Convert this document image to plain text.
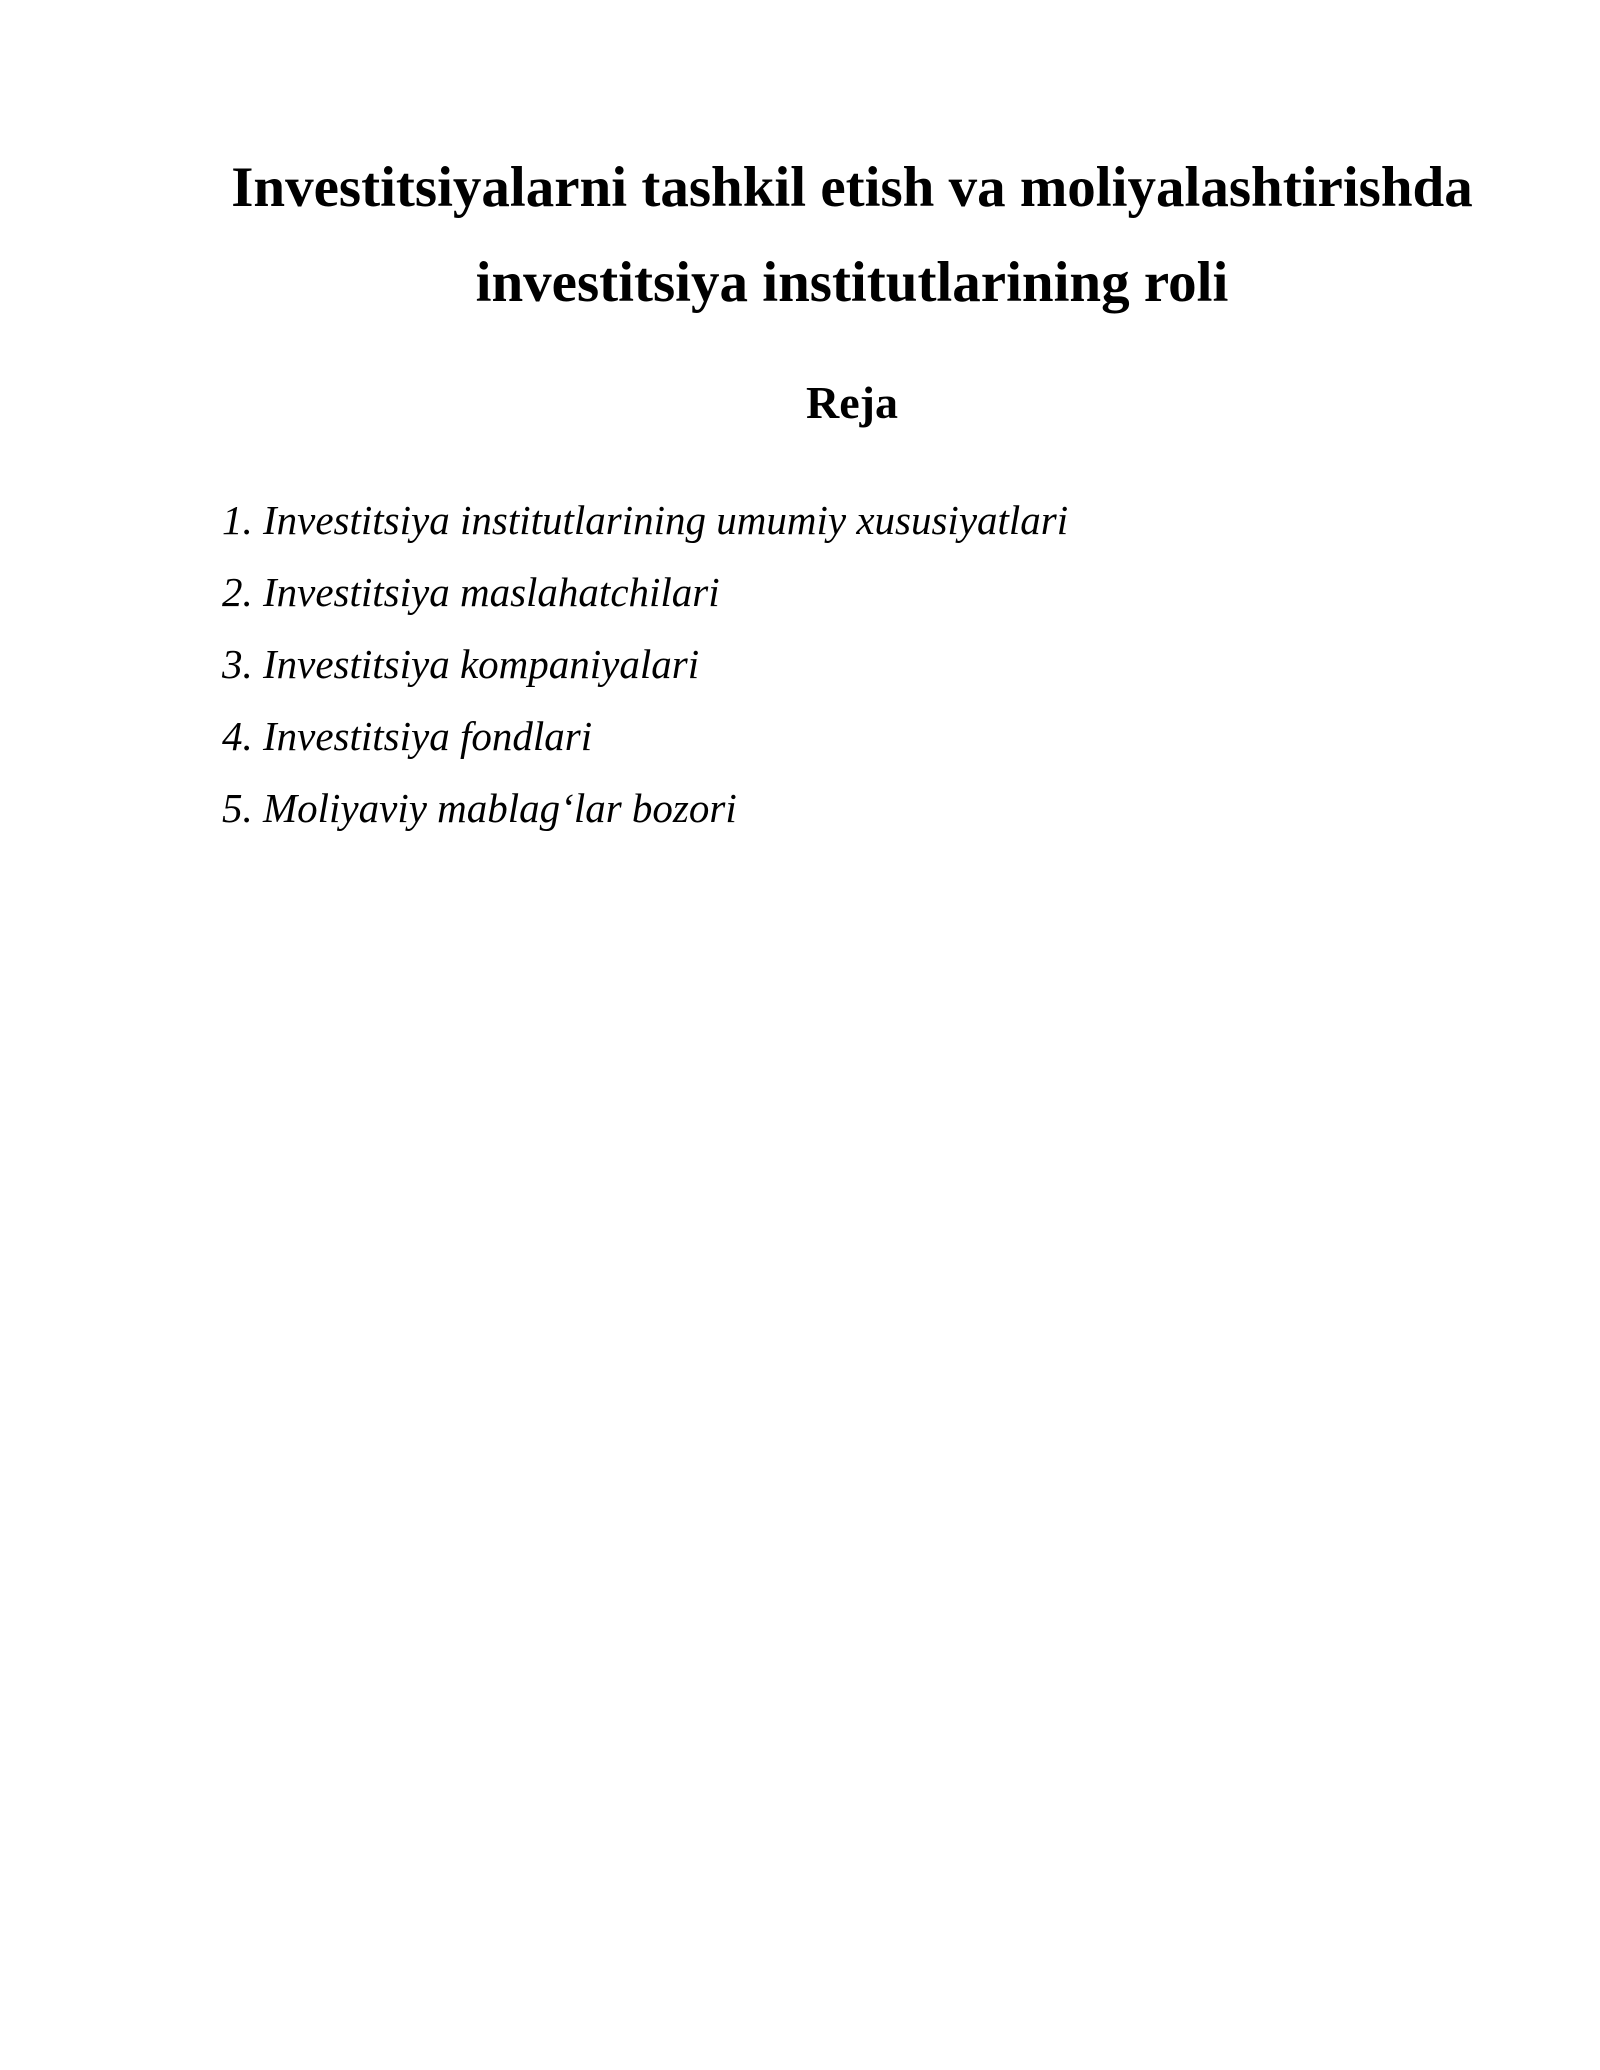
Investitsiyalarni tashkil etish va moliyalashtirishda investitsiya institutlarining roli
Reja
1. Investitsiya institutlarining umumiy xususiyatlari
2. Investitsiya maslahatchilari
3. Investitsiya kompaniyalari
4. Investitsiya fondlari
5. Moliyaviy mablag‘lar bozori
